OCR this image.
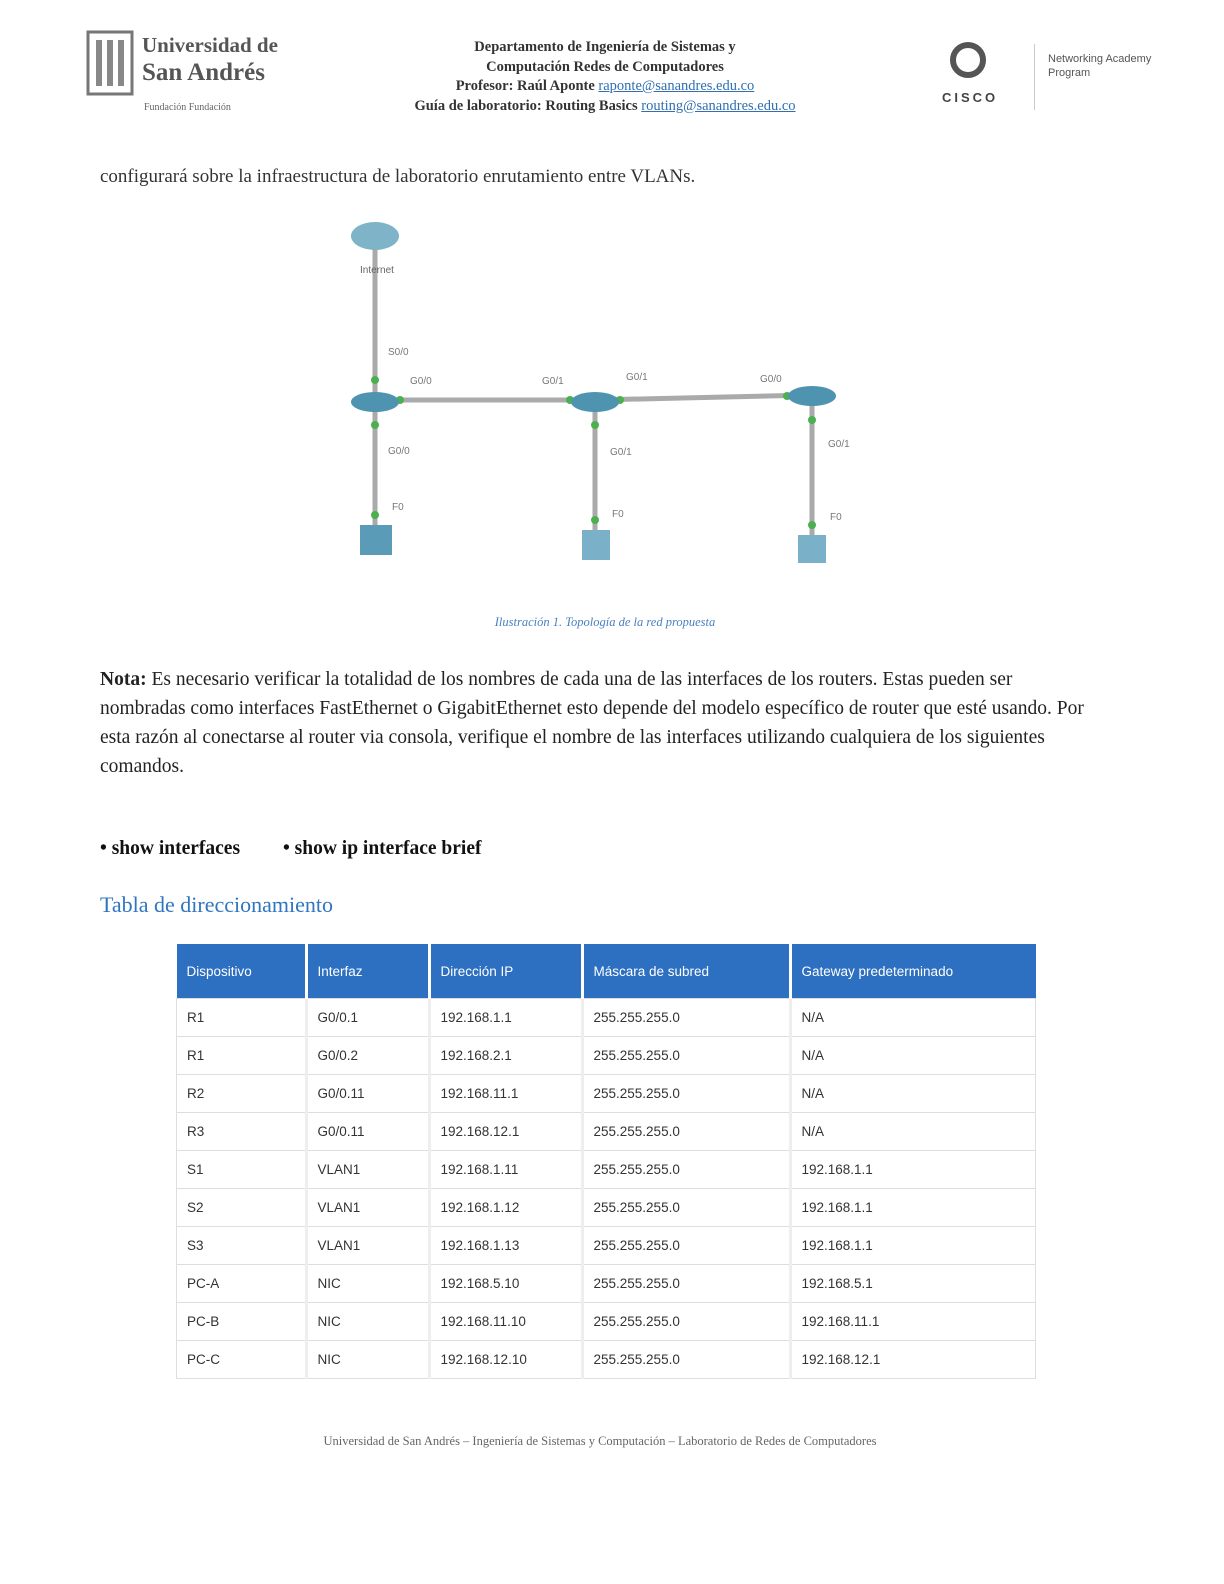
Universidad de
San Andrés
Fundación Fundación
Departamento de Ingeniería de Sistemas y
Computación Redes de Computadores
Profesor: Raúl Aponte raponte@sanandres.edu.co
Guía de laboratorio: Routing Basics routing@sanandres.edu.co	CISCO
Networking Academy Program
configurará sobre la infraestructura de laboratorio enrutamiento entre VLANs.
Internet
S0/0
G0/0	G0/1	G0/1	G0/0
G0/0	G0/1
G0/1
F0
F0	F0
Ilustración 1. Topología de la red propuesta
Nota: Es necesario verificar la totalidad de los nombres de cada una de las interfaces de los routers. Estas pueden ser nombradas como interfaces FastEthernet o GigabitEthernet esto depende del modelo específico de router que esté usando. Por esta razón al conectarse al router via consola, verifique el nombre de las interfaces utilizando cualquiera de los siguientes comandos.
• show interfaces • show ip interface brief
Tabla de direccionamiento
Dispositivo	Interfaz	Dirección IP	Máscara de subred	Gateway predeterminado
R1	G0/0.1	192.168.1.1	255.255.255.0	N/A
R1	G0/0.2	192.168.2.1	255.255.255.0	N/A
R2	G0/0.11	192.168.11.1	255.255.255.0	N/A
R3	G0/0.11	192.168.12.1	255.255.255.0	N/A
S1	VLAN1	192.168.1.11	255.255.255.0	192.168.1.1
S2	VLAN1	192.168.1.12	255.255.255.0	192.168.1.1
S3	VLAN1	192.168.1.13	255.255.255.0	192.168.1.1
PC-A	NIC	192.168.5.10	255.255.255.0	192.168.5.1
PC-B	NIC	192.168.11.10	255.255.255.0	192.168.11.1
PC-C	NIC	192.168.12.10	255.255.255.0	192.168.12.1
Universidad de San Andrés – Ingeniería de Sistemas y Computación – Laboratorio de Redes de Computadores
